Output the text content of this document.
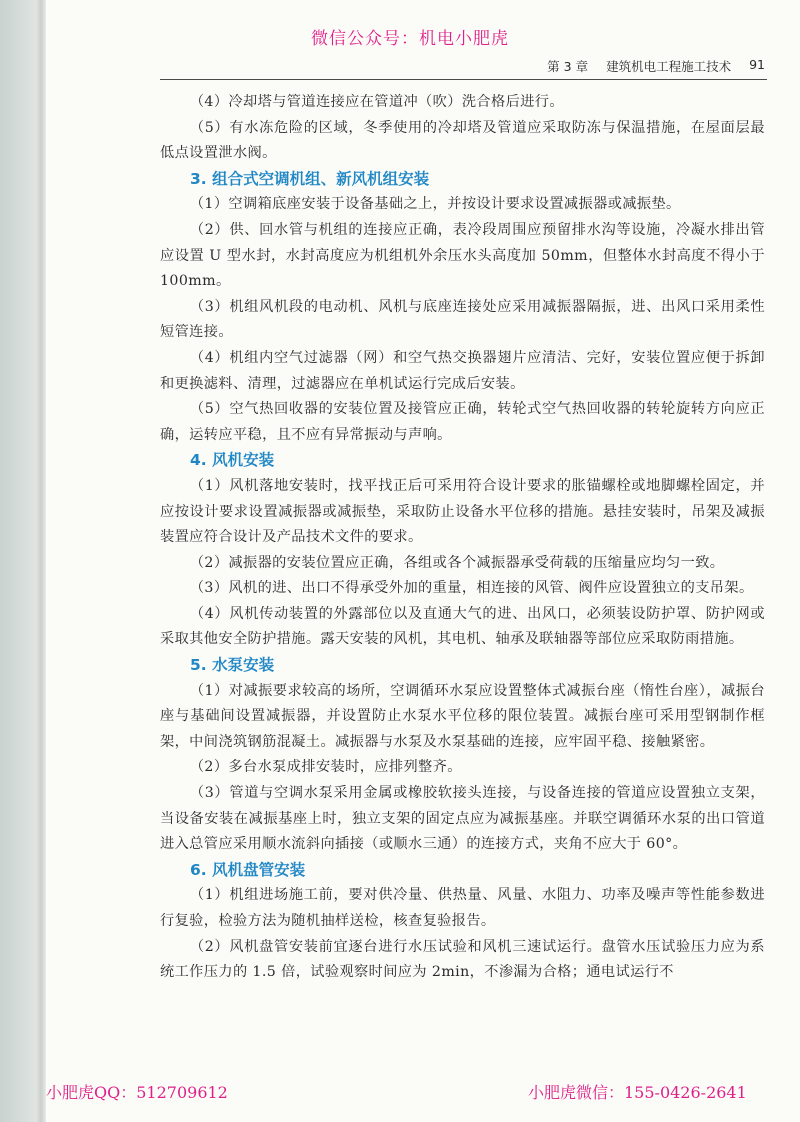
微信公众号：机电小肥虎
第 3 章 建筑机电工程施工技术 91

（4）冷却塔与管道连接应在管道冲（吹）洗合格后进行。

（5）有水冻危险的区域，冬季使用的冷却塔及管道应采取防冻与保温措施，在屋面层最低点设置泄水阀。

3. 组合式空调机组、新风机组安装

（1）空调箱底座安装于设备基础之上，并按设计要求设置减振器或减振垫。

（2）供、回水管与机组的连接应正确，表冷段周围应预留排水沟等设施，冷凝水排出管应设置 U 型水封，水封高度应为机组机外余压水头高度加 50mm，但整体水封高度不得小于 100mm。

（3）机组风机段的电动机、风机与底座连接处应采用减振器隔振，进、出风口采用柔性短管连接。

（4）机组内空气过滤器（网）和空气热交换器翅片应清洁、完好，安装位置应便于拆卸和更换滤料、清理，过滤器应在单机试运行完成后安装。

（5）空气热回收器的安装位置及接管应正确，转轮式空气热回收器的转轮旋转方向应正确，运转应平稳，且不应有异常振动与声响。

4. 风机安装

（1）风机落地安装时，找平找正后可采用符合设计要求的胀锚螺栓或地脚螺栓固定，并应按设计要求设置减振器或减振垫，采取防止设备水平位移的措施。悬挂安装时，吊架及减振装置应符合设计及产品技术文件的要求。

（2）减振器的安装位置应正确，各组或各个减振器承受荷载的压缩量应均匀一致。

（3）风机的进、出口不得承受外加的重量，相连接的风管、阀件应设置独立的支吊架。

（4）风机传动装置的外露部位以及直通大气的进、出风口，必须装设防护罩、防护网或采取其他安全防护措施。露天安装的风机，其电机、轴承及联轴器等部位应采取防雨措施。

5. 水泵安装

（1）对减振要求较高的场所，空调循环水泵应设置整体式减振台座（惰性台座），减振台座与基础间设置减振器，并设置防止水泵水平位移的限位装置。减振台座可采用型钢制作框架，中间浇筑钢筋混凝土。减振器与水泵及水泵基础的连接，应牢固平稳、接触紧密。

（2）多台水泵成排安装时，应排列整齐。

（3）管道与空调水泵采用金属或橡胶软接头连接，与设备连接的管道应设置独立支架，当设备安装在减振基座上时，独立支架的固定点应为减振基座。并联空调循环水泵的出口管道进入总管应采用顺水流斜向插接（或顺水三通）的连接方式，夹角不应大于 60°。

6. 风机盘管安装

（1）机组进场施工前，要对供冷量、供热量、风量、水阻力、功率及噪声等性能参数进行复验，检验方法为随机抽样送检，核查复验报告。

（2）风机盘管安装前宜逐台进行水压试验和风机三速试运行。盘管水压试验压力应为系统工作压力的 1.5 倍，试验观察时间应为 2min，不渗漏为合格；通电试运行不

小肥虎QQ：512709612	小肥虎微信：155-0426-2641
